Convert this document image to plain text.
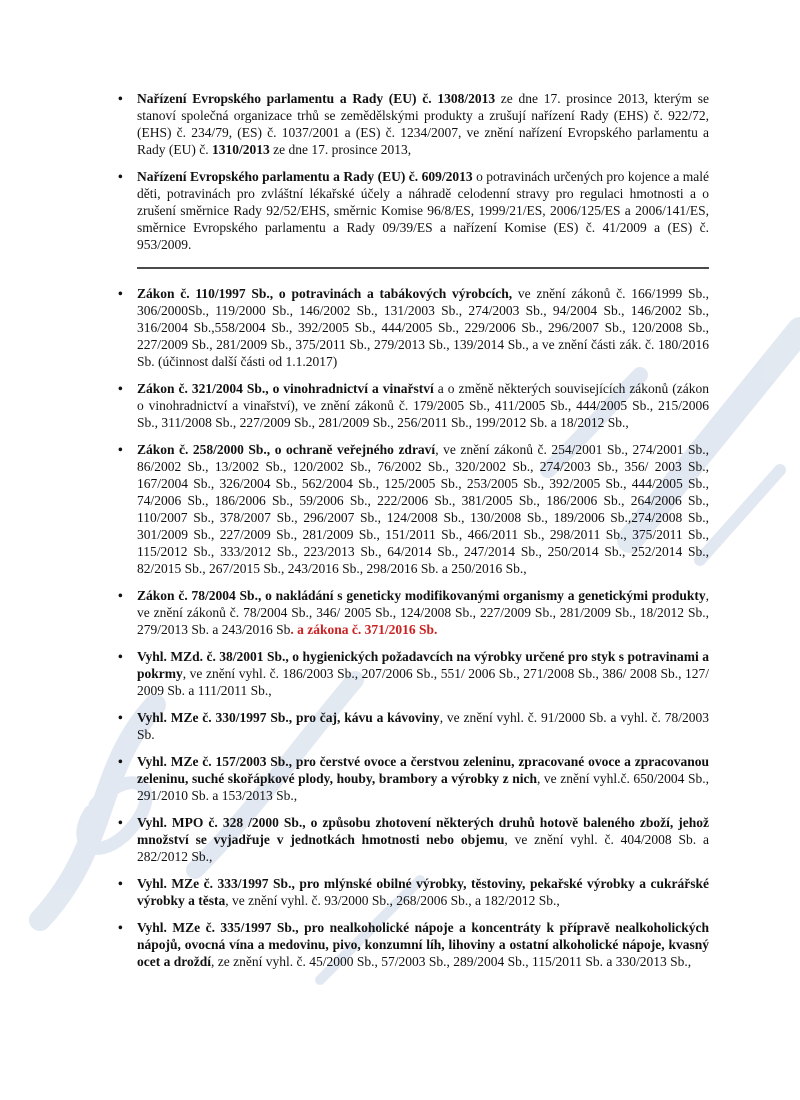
•	Nařízení Evropského parlamentu a Rady (EU) č. 1308/2013 ze dne 17. prosince 2013, kterým se stanoví společná organizace trhů se zemědělskými produkty a zrušují nařízení Rady (EHS) č. 922/72, (EHS) č. 234/79, (ES) č. 1037/2001 a (ES) č. 1234/2007, ve znění nařízení Evropského parlamentu a Rady (EU) č. 1310/2013 ze dne 17. prosince 2013,
•	Nařízení Evropského parlamentu a Rady (EU) č. 609/2013 o potravinách určených pro kojence a malé děti, potravinách pro zvláštní lékařské účely a náhradě celodenní stravy pro regulaci hmotnosti a o zrušení směrnice Rady 92/52/EHS, směrnic Komise 96/8/ES, 1999/21/ES, 2006/125/ES a 2006/141/ES, směrnice Evropského parlamentu a Rady 09/39/ES a nařízení Komise (ES) č. 41/2009 a (ES) č. 953/2009.
•	Zákon č. 110/1997 Sb., o potravinách a tabákových výrobcích, ve znění zákonů č. 166/1999 Sb., 306/2000Sb., 119/2000 Sb., 146/2002 Sb., 131/2003 Sb., 274/2003 Sb., 94/2004 Sb., 146/2002 Sb., 316/2004 Sb.,558/2004 Sb., 392/2005 Sb., 444/2005 Sb., 229/2006 Sb., 296/2007 Sb., 120/2008 Sb., 227/2009 Sb., 281/2009 Sb., 375/2011 Sb., 279/2013 Sb., 139/2014 Sb., a ve znění části zák. č. 180/2016 Sb. (účinnost další části od 1.1.2017)
•	Zákon č. 321/2004 Sb., o vinohradnictví a vinařství a o změně některých souvisejících zákonů (zákon o vinohradnictví a vinařství), ve znění zákonů č. 179/2005 Sb., 411/2005 Sb., 444/2005 Sb., 215/2006 Sb., 311/2008 Sb., 227/2009 Sb., 281/2009 Sb., 256/2011 Sb., 199/2012 Sb. a 18/2012 Sb.,
•	Zákon č. 258/2000 Sb., o ochraně veřejného zdraví, ve znění zákonů č. 254/2001 Sb., 274/2001 Sb., 86/2002 Sb., 13/2002 Sb., 120/2002 Sb., 76/2002 Sb., 320/2002 Sb., 274/2003 Sb., 356/ 2003 Sb., 167/2004 Sb., 326/2004 Sb., 562/2004 Sb., 125/2005 Sb., 253/2005 Sb., 392/2005 Sb., 444/2005 Sb., 74/2006 Sb., 186/2006 Sb., 59/2006 Sb., 222/2006 Sb., 381/2005 Sb., 186/2006 Sb., 264/2006 Sb., 110/2007 Sb., 378/2007 Sb., 296/2007 Sb., 124/2008 Sb., 130/2008 Sb., 189/2006 Sb.,274/2008 Sb., 301/2009 Sb., 227/2009 Sb., 281/2009 Sb., 151/2011 Sb., 466/2011 Sb., 298/2011 Sb., 375/2011 Sb., 115/2012 Sb., 333/2012 Sb., 223/2013 Sb., 64/2014 Sb., 247/2014 Sb., 250/2014 Sb., 252/2014 Sb., 82/2015 Sb., 267/2015 Sb., 243/2016 Sb., 298/2016 Sb. a 250/2016 Sb.,
•	Zákon č. 78/2004 Sb., o nakládání s geneticky modifikovanými organismy a genetickými produkty, ve znění zákonů č. 78/2004 Sb., 346/ 2005 Sb., 124/2008 Sb., 227/2009 Sb., 281/2009 Sb., 18/2012 Sb., 279/2013 Sb. a 243/2016 Sb. a zákona č. 371/2016 Sb.
•	Vyhl. MZd. č. 38/2001 Sb., o hygienických požadavcích na výrobky určené pro styk s potravinami a pokrmy, ve znění vyhl. č. 186/2003 Sb., 207/2006 Sb., 551/ 2006 Sb., 271/2008 Sb., 386/ 2008 Sb., 127/ 2009 Sb. a 111/2011 Sb.,
•	Vyhl. MZe č. 330/1997 Sb., pro čaj, kávu a kávoviny, ve znění vyhl. č. 91/2000 Sb. a vyhl. č. 78/2003 Sb.
•	Vyhl. MZe č. 157/2003 Sb., pro čerstvé ovoce a čerstvou zeleninu, zpracované ovoce a zpracovanou zeleninu, suché skořápkové plody, houby, brambory a výrobky z nich, ve znění vyhl.č. 650/2004 Sb., 291/2010 Sb. a 153/2013 Sb.,
•	Vyhl. MPO č. 328 /2000 Sb., o způsobu zhotovení některých druhů hotově baleného zboží, jehož množství se vyjadřuje v jednotkách hmotnosti nebo objemu, ve znění vyhl. č. 404/2008 Sb. a 282/2012 Sb.,
•	Vyhl. MZe č. 333/1997 Sb., pro mlýnské obilné výrobky, těstoviny, pekařské výrobky a cukrářské výrobky a těsta, ve znění vyhl. č. 93/2000 Sb., 268/2006 Sb., a 182/2012 Sb.,
•	Vyhl. MZe č. 335/1997 Sb., pro nealkoholické nápoje a koncentráty k přípravě nealkoholických nápojů, ovocná vína a medovinu, pivo, konzumní líh, lihoviny a ostatní alkoholické nápoje, kvasný ocet a droždí, ze znění vyhl. č. 45/2000 Sb., 57/2003 Sb., 289/2004 Sb., 115/2011 Sb. a 330/2013 Sb.,
